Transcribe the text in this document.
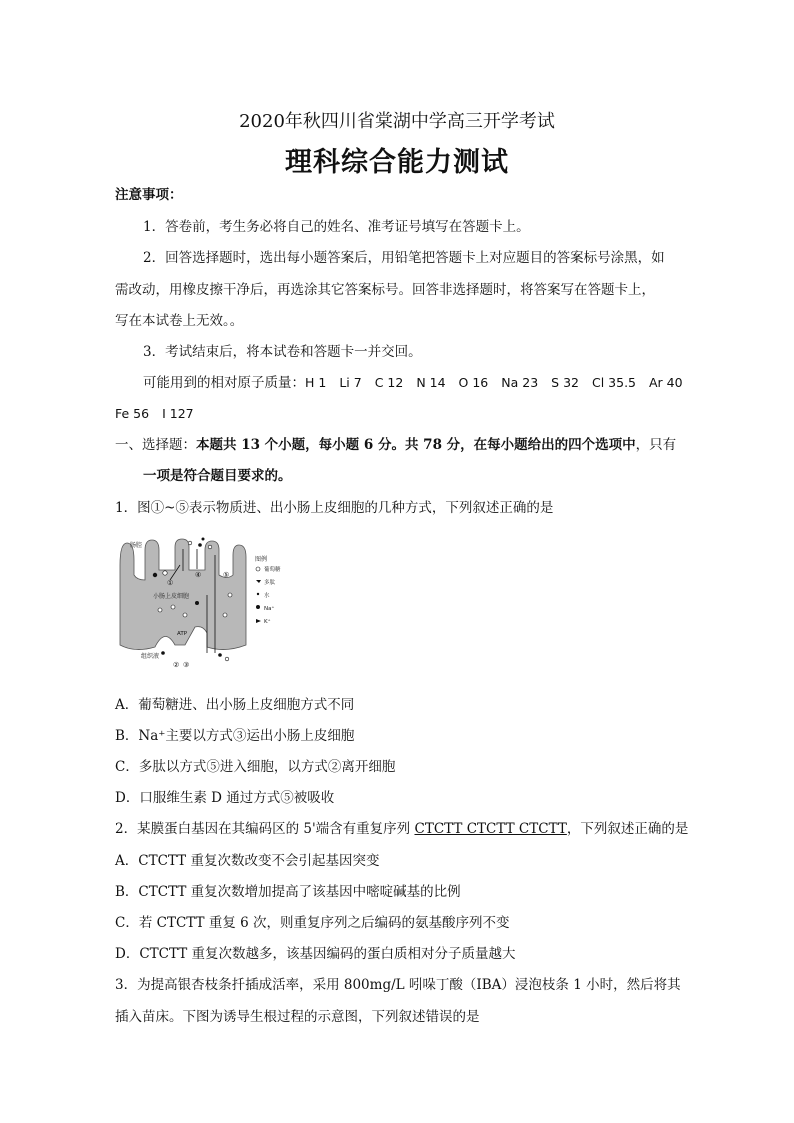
2020年秋四川省棠湖中学高三开学考试
理科综合能力测试
注意事项：
1．答卷前，考生务必将自己的姓名、准考证号填写在答题卡上。
2．回答选择题时，选出每小题答案后，用铅笔把答题卡上对应题目的答案标号涂黑，如
需改动，用橡皮擦干净后，再选涂其它答案标号。回答非选择题时，将答案写在答题卡上，
写在本试卷上无效。。
3．考试结束后，将本试卷和答题卡一并交回。
可能用到的相对原子质量：H 1 Li 7 C 12 N 14 O 16 Na 23 S 32 Cl 35.5 Ar 40
Fe 56 I 127
一、选择题：本题共 13 个小题，每小题 6 分。共 78 分，在每小题给出的四个选项中，只有
一项是符合题目要求的。
1．图①~⑤表示物质进、出小肠上皮细胞的几种方式，下列叙述正确的是
肠腔
小肠上皮细胞
组织液
ATP
①
② ③
④	⑤
图例
葡萄糖
多肽
水
Na⁺
K⁺
A．葡萄糖进、出小肠上皮细胞方式不同
B．Na⁺主要以方式③运出小肠上皮细胞
C．多肽以方式⑤进入细胞，以方式②离开细胞
D．口服维生素 D 通过方式⑤被吸收
2．某膜蛋白基因在其编码区的 5'端含有重复序列 CTCTT CTCTT CTCTT，下列叙述正确的是
A．CTCTT 重复次数改变不会引起基因突变
B．CTCTT 重复次数增加提高了该基因中嘧啶碱基的比例
C．若 CTCTT 重复 6 次，则重复序列之后编码的氨基酸序列不变
D．CTCTT 重复次数越多，该基因编码的蛋白质相对分子质量越大
3．为提高银杏枝条扦插成活率，采用 800mg/L 吲哚丁酸（IBA）浸泡枝条 1 小时，然后将其
插入苗床。下图为诱导生根过程的示意图，下列叙述错误的是
